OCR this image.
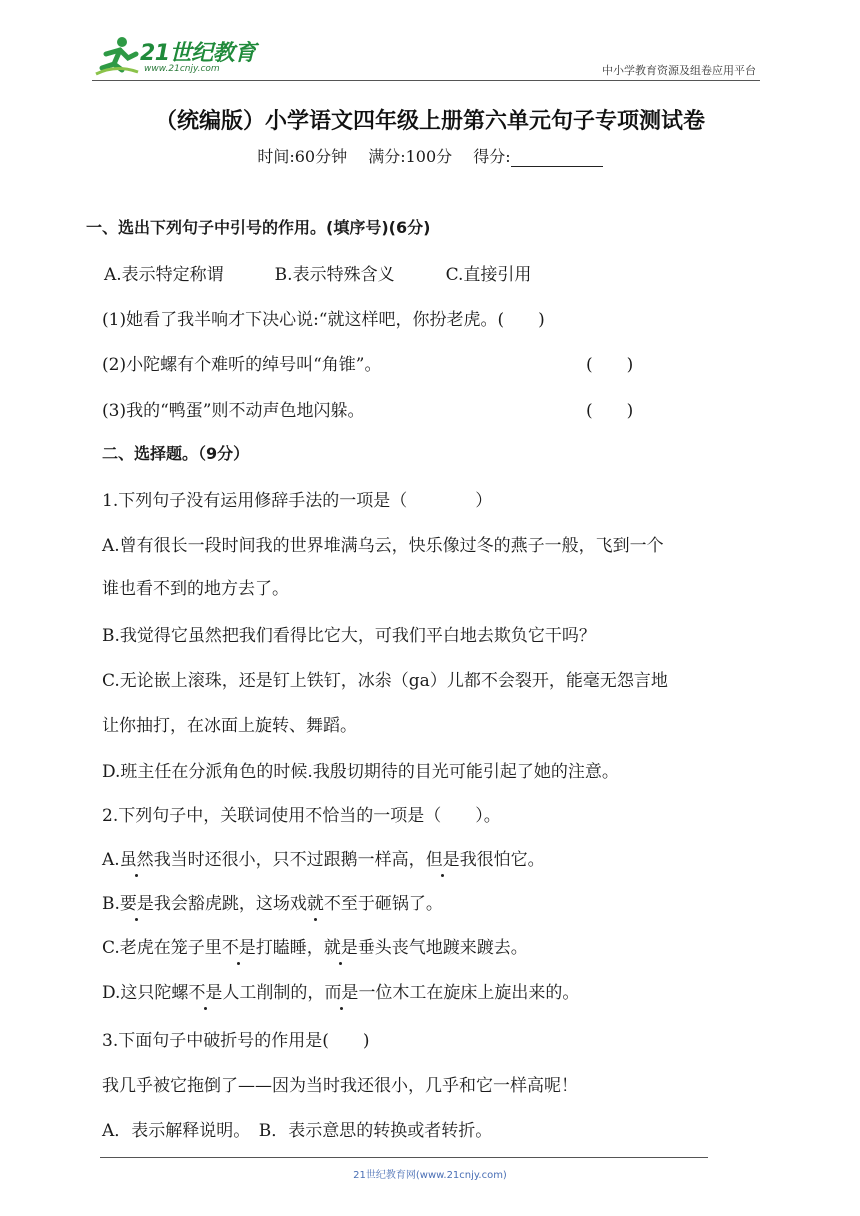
21世纪教育
www.21cnjy.com	中小学教育资源及组卷应用平台
（统编版）小学语文四年级上册第六单元句子专项测试卷
时间:60分钟 满分:100分 得分:
一、选出下列句子中引号的作用。(填序号)(6分)
A.表示特定称谓　　　B.表示特殊含义　　　C.直接引用
(1)她看了我半响才下决心说:“就这样吧，你扮老虎。(　　)
(2)小陀螺有个难听的绰号叫“角锥”。	(　　)
(3)我的“鸭蛋”则不动声色地闪躲。	(　　)
二、选择题。（9分）
1.下列句子没有运用修辞手法的一项是（　　　　）
A.曾有很长一段时间我的世界堆满乌云，快乐像过冬的燕子一般，飞到一个
谁也看不到的地方去了。
B.我觉得它虽然把我们看得比它大，可我们平白地去欺负它干吗？
C.无论嵌上滚珠，还是钉上铁钉，冰尜（ga）儿都不会裂开，能毫无怨言地
让你抽打，在冰面上旋转、舞蹈。
D.班主任在分派角色的时候.我殷切期待的目光可能引起了她的注意。
2.下列句子中，关联词使用不恰当的一项是（　　）。
A.虽然我当时还很小，只不过跟鹅一样高，但是我很怕它。
B.要是我会豁虎跳，这场戏就不至于砸锅了。
C.老虎在笼子里不是打瞌睡，就是垂头丧气地踱来踱去。
D.这只陀螺不是人工削制的，而是一位木工在旋床上旋出来的。
3.下面句子中破折号的作用是(　　)
我几乎被它拖倒了——因为当时我还很小，几乎和它一样高呢！
A．表示解释说明。　B．表示意思的转换或者转折。
21世纪教育网(www.21cnjy.com)
